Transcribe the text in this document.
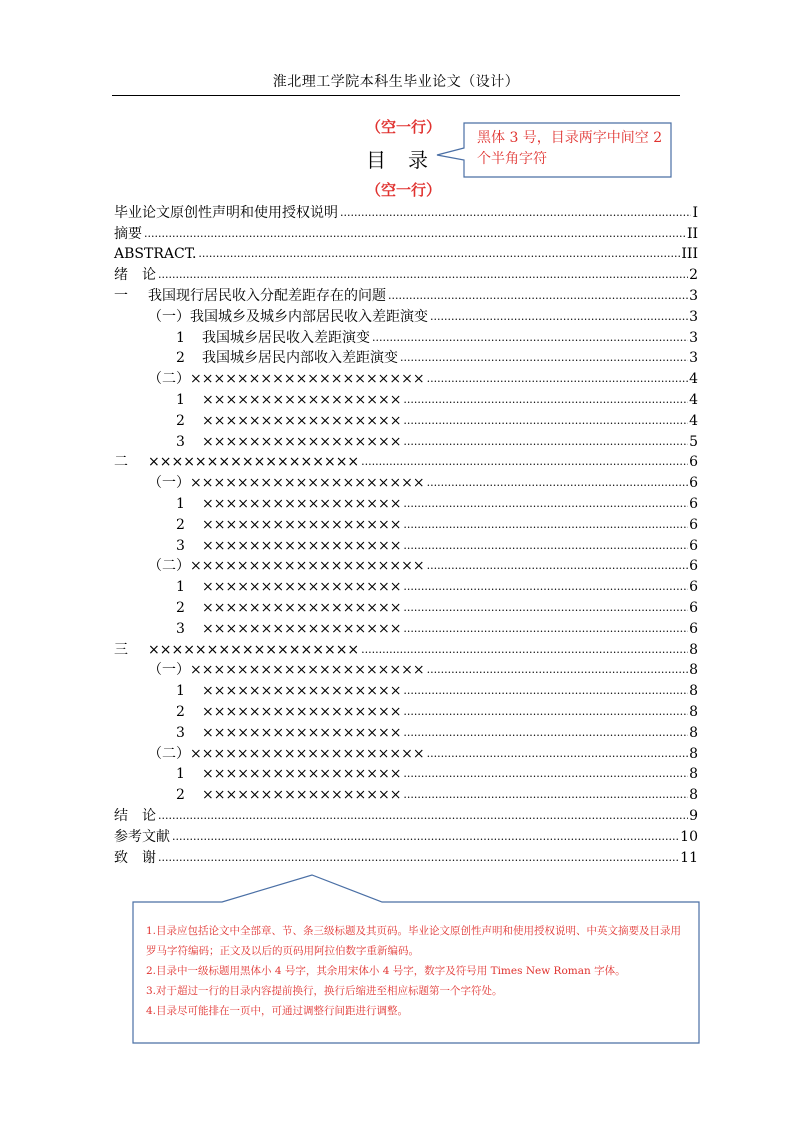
淮北理工学院本科生毕业论文（设计）
（空一行）
目　录
（空一行）
黑体 3 号，目录两字中间空 2 个半角字符
毕业论文原创性声明和使用授权说明 .....	I
摘要 .....	II
ABSTRACT. .....	III
绪　论 .....	2
一 我国现行居民收入分配差距存在的问题 .....	3
（一）我国城乡及城乡内部居民收入差距演变 .....	3
1 我国城乡居民收入差距演变 .....	3
2 我国城乡居民内部收入差距演变 .....	3
（二）×××××××××××××××××××× .....	4
1 ××××××××××××××××× .....	4
2 ××××××××××××××××× .....	4
3 ××××××××××××××××× .....	5
二 ×××××××××××××××××× .....	6
（一）×××××××××××××××××××× .....	6
1 ××××××××××××××××× .....	6
2 ××××××××××××××××× .....	6
3 ××××××××××××××××× .....	6
（二）×××××××××××××××××××× .....	6
1 ××××××××××××××××× .....	6
2 ××××××××××××××××× .....	6
3 ××××××××××××××××× .....	6
三 ×××××××××××××××××× .....	8
（一）×××××××××××××××××××× .....	8
1 ××××××××××××××××× .....	8
2 ××××××××××××××××× .....	8
3 ××××××××××××××××× .....	8
（二）×××××××××××××××××××× .....	8
1 ××××××××××××××××× .....	8
2 ××××××××××××××××× .....	8
结　论 .....	9
参考文献 .....	10
致　谢 .....	11

1.目录应包括论文中全部章、节、条三级标题及其页码。毕业论文原创性声明和使用授权说明、中英文摘要及目录用罗马字符编码；正文及以后的页码用阿拉伯数字重新编码。

2.目录中一级标题用黑体小 4 号字，其余用宋体小 4 号字，数字及符号用 Times New Roman 字体。

3.对于超过一行的目录内容提前换行，换行后缩进至相应标题第一个字符处。

4.目录尽可能排在一页中，可通过调整行间距进行调整。
